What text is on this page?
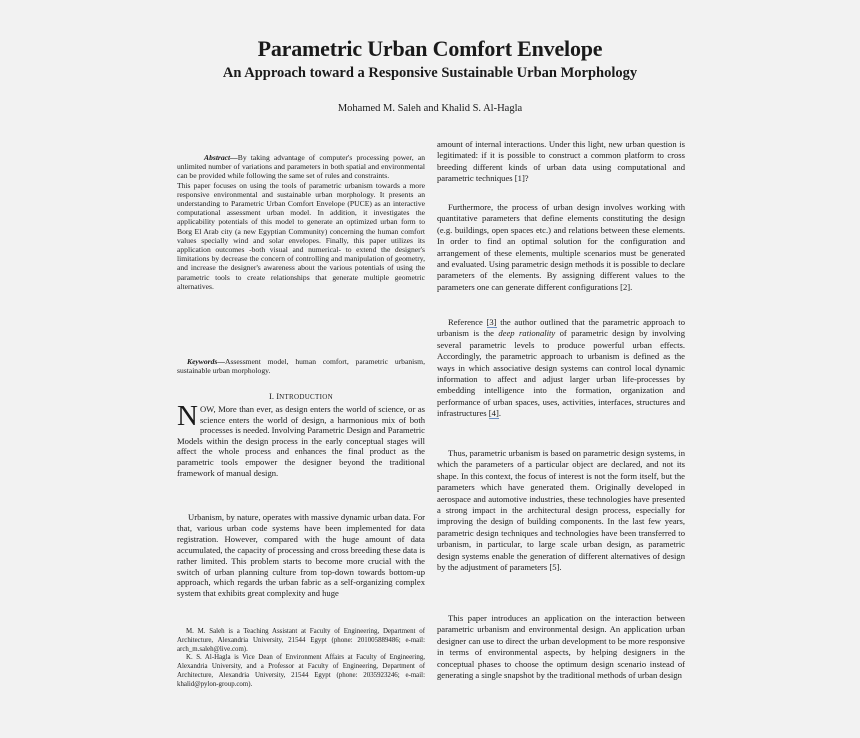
Parametric Urban Comfort Envelope
An Approach toward a Responsive Sustainable Urban Morphology
Mohamed M. Saleh and Khalid S. Al-Hagla

Abstract—By taking advantage of computer's processing power, an unlimited number of variations and parameters in both spatial and environmental can be provided while following the same set of rules and constraints.

This paper focuses on using the tools of parametric urbanism towards a more responsive environmental and sustainable urban morphology. It presents an understanding to Parametric Urban Comfort Envelope (PUCE) as an interactive computational assessment urban model. In addition, it investigates the applicability potentials of this model to generate an optimized urban form to Borg El Arab city (a new Egyptian Community) concerning the human comfort values specially wind and solar envelopes. Finally, this paper utilizes its application outcomes -both visual and numerical- to extend the designer's limitations by decrease the concern of controlling and manipulation of geometry, and increase the designer's awareness about the various potentials of using the parametric tools to create relationships that generate multiple geometric alternatives.

Keywords—Assessment model, human comfort, parametric urbanism, sustainable urban morphology.

I. INTRODUCTION
NOW, More than ever, as design enters the world of science, or as science enters the world of design, a harmonious mix of both processes is needed. Involving Parametric Design and Parametric Models within the design process in the early conceptual stages will affect the whole process and enhances the final product as the parametric tools empower the designer beyond the traditional framework of manual design.

Urbanism, by nature, operates with massive dynamic urban data. For that, various urban code systems have been implemented for data registration. However, compared with the huge amount of data accumulated, the capacity of processing and cross breeding these data is rather limited. This problem starts to become more crucial with the switch of urban planning culture from top-down towards bottom-up approach, which regards the urban fabric as a self-organizing complex system that exhibits great complexity and huge

M. M. Saleh is a Teaching Assistant at Faculty of Engineering, Department of Architecture, Alexandria University, 21544 Egypt (phone: 201005889486; e-mail: arch_m.saleh@live.com).

K. S. Al-Hagla is Vice Dean of Environment Affairs at Faculty of Engineering, Alexandria University, and a Professor at Faculty of Engineering, Department of Architecture, Alexandria University, 21544 Egypt (phone: 2035923246; e-mail: khalid@pylon-group.com).

amount of internal interactions. Under this light, new urban question is legitimated: if it is possible to construct a common platform to cross breeding different kinds of urban data using computational and parametric techniques [1]?

Furthermore, the process of urban design involves working with quantitative parameters that define elements constituting the design (e.g. buildings, open spaces etc.) and relations between these elements. In order to find an optimal solution for the configuration and arrangement of these elements, multiple scenarios must be generated and evaluated. Using parametric design methods it is possible to declare parameters of the elements. By assigning different values to the parameters one can generate different configurations [2].

Reference [3] the author outlined that the parametric approach to urbanism is the deep rationality of parametric design by involving several parametric levels to produce powerful urban effects. Accordingly, the parametric approach to urbanism is defined as the ways in which associative design systems can control local dynamic information to affect and adjust larger urban life-processes by embedding intelligence into the formation, organization and performance of urban spaces, uses, activities, interfaces, structures and infrastructures [4].

Thus, parametric urbanism is based on parametric design systems, in which the parameters of a particular object are declared, and not its shape. In this context, the focus of interest is not the form itself, but the parameters which have generated them. Originally developed in aerospace and automotive industries, these technologies have presented a strong impact in the architectural design process, especially for improving the design of building components. In the last few years, parametric design techniques and technologies have been transferred to urbanism, in particular, to large scale urban design, as parametric design systems enable the generation of different alternatives of design by the adjustment of parameters [5].

This paper introduces an application on the interaction between parametric urbanism and environmental design. An application urban designer can use to direct the urban development to be more responsive in terms of environmental aspects, by helping designers in the conceptual phases to choose the optimum design scenario instead of generating a single snapshot by the traditional methods of urban design
